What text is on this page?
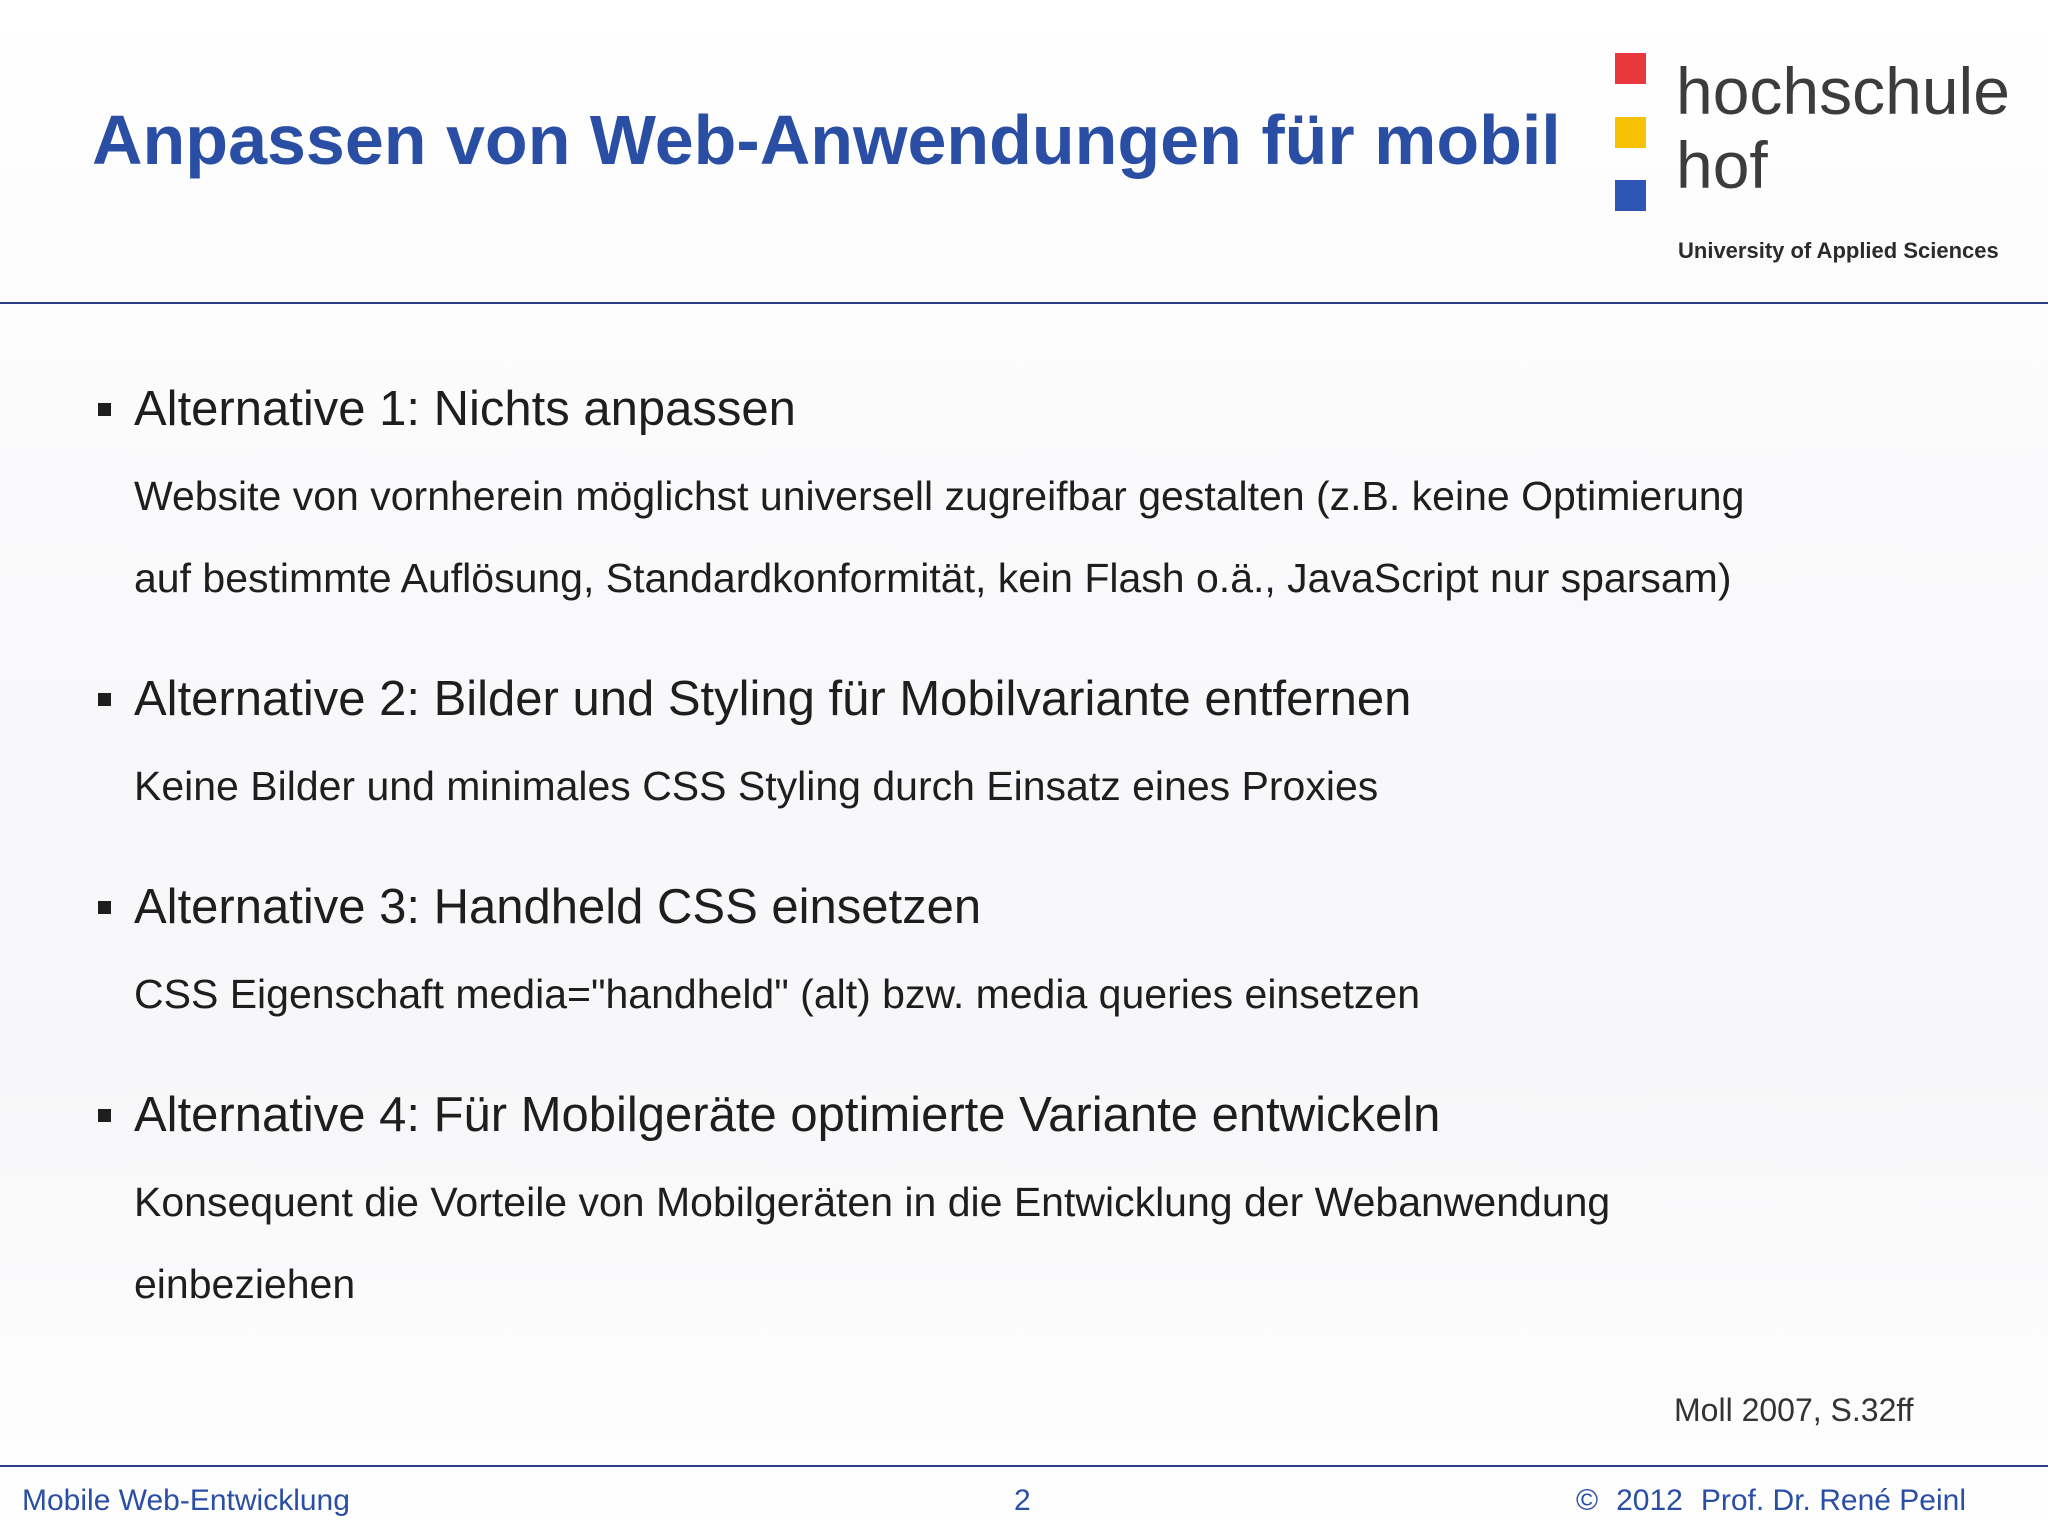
Anpassen von Web-Anwendungen für mobil
hochschule
hof
University of Applied Sciences
Alternative 1: Nichts anpassen
Website von vornherein möglichst universell zugreifbar gestalten (z.B. keine Optimierung
auf bestimmte Auflösung, Standardkonformität, kein Flash o.ä., JavaScript nur sparsam)
Alternative 2: Bilder und Styling für Mobilvariante entfernen
Keine Bilder und minimales CSS Styling durch Einsatz eines Proxies
Alternative 3: Handheld CSS einsetzen
CSS Eigenschaft media="handheld" (alt) bzw. media queries einsetzen
Alternative 4: Für Mobilgeräte optimierte Variante entwickeln
Konsequent die Vorteile von Mobilgeräten in die Entwicklung der Webanwendung
einbeziehen
Moll 2007, S.32ff
Mobile Web-Entwicklung	2	© 2012 Prof. Dr. René Peinl
